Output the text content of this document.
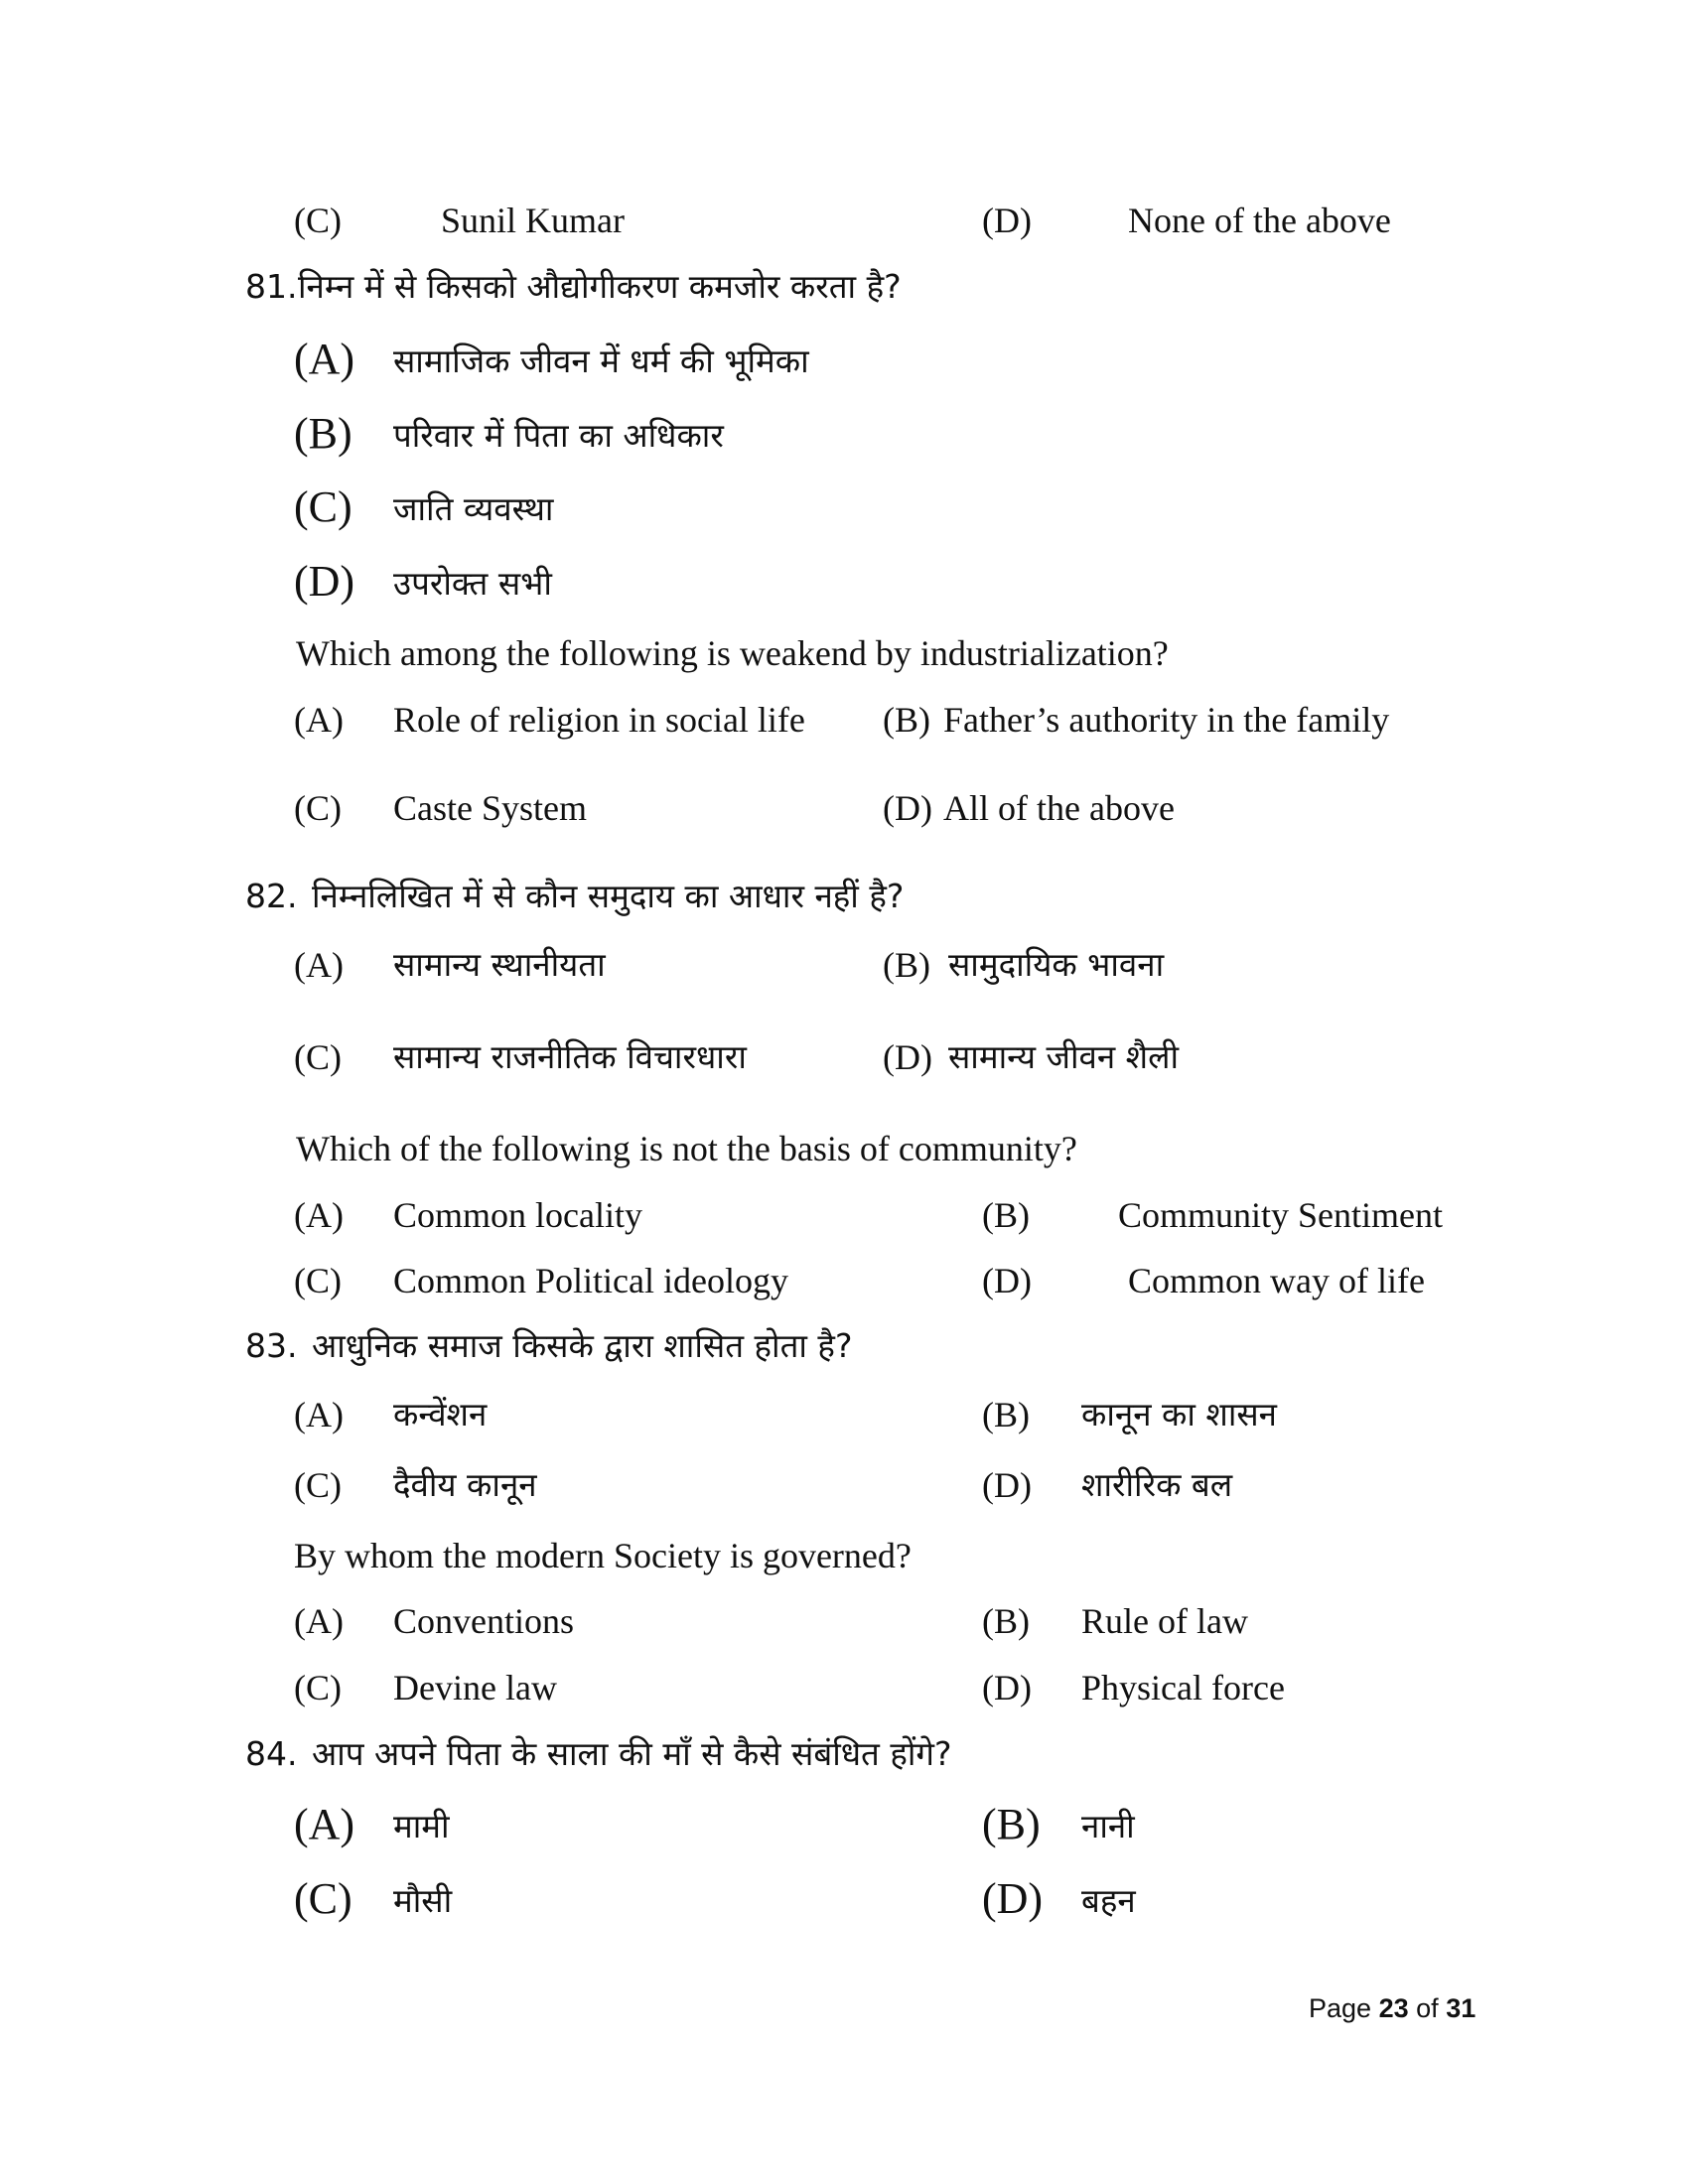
(C)	Sunil Kumar	(D)	None of the above
81. निम्न में से किसको औद्योगीकरण कमजोर करता है?
(A) सामाजिक जीवन में धर्म की भूमिका
(B) परिवार में पिता का अधिकार
(C) जाति व्यवस्था
(D) उपरोक्त सभी
Which among the following is weakend by industrialization?
(A) Role of religion in social life (B) Father’s authority in the family
(C) Caste System	(D) All of the above
82. निम्नलिखित में से कौन समुदाय का आधार नहीं है?
(A) सामान्य स्थानीयता	(B) सामुदायिक भावना
(C) सामान्य राजनीतिक विचारधारा	(D) सामान्य जीवन शैली
Which of the following is not the basis of community?
(A) Common locality	(B) Community Sentiment
(C) Common Political ideology	(D)	Common way of life
83. आधुनिक समाज किसके द्वारा शासित होता है?
(A) कन्वेंशन	(B) कानून का शासन
(C) दैवीय कानून	(D) शारीरिक बल
By whom the modern Society is governed?
(A) Conventions	(B) Rule of law
(C) Devine law	(D) Physical force
84. आप अपने पिता के साला की माँ से कैसे संबंधित होंगे?
(A) मामी	(B) नानी
(C) मौसी	(D) बहन
Page 23 of 31
